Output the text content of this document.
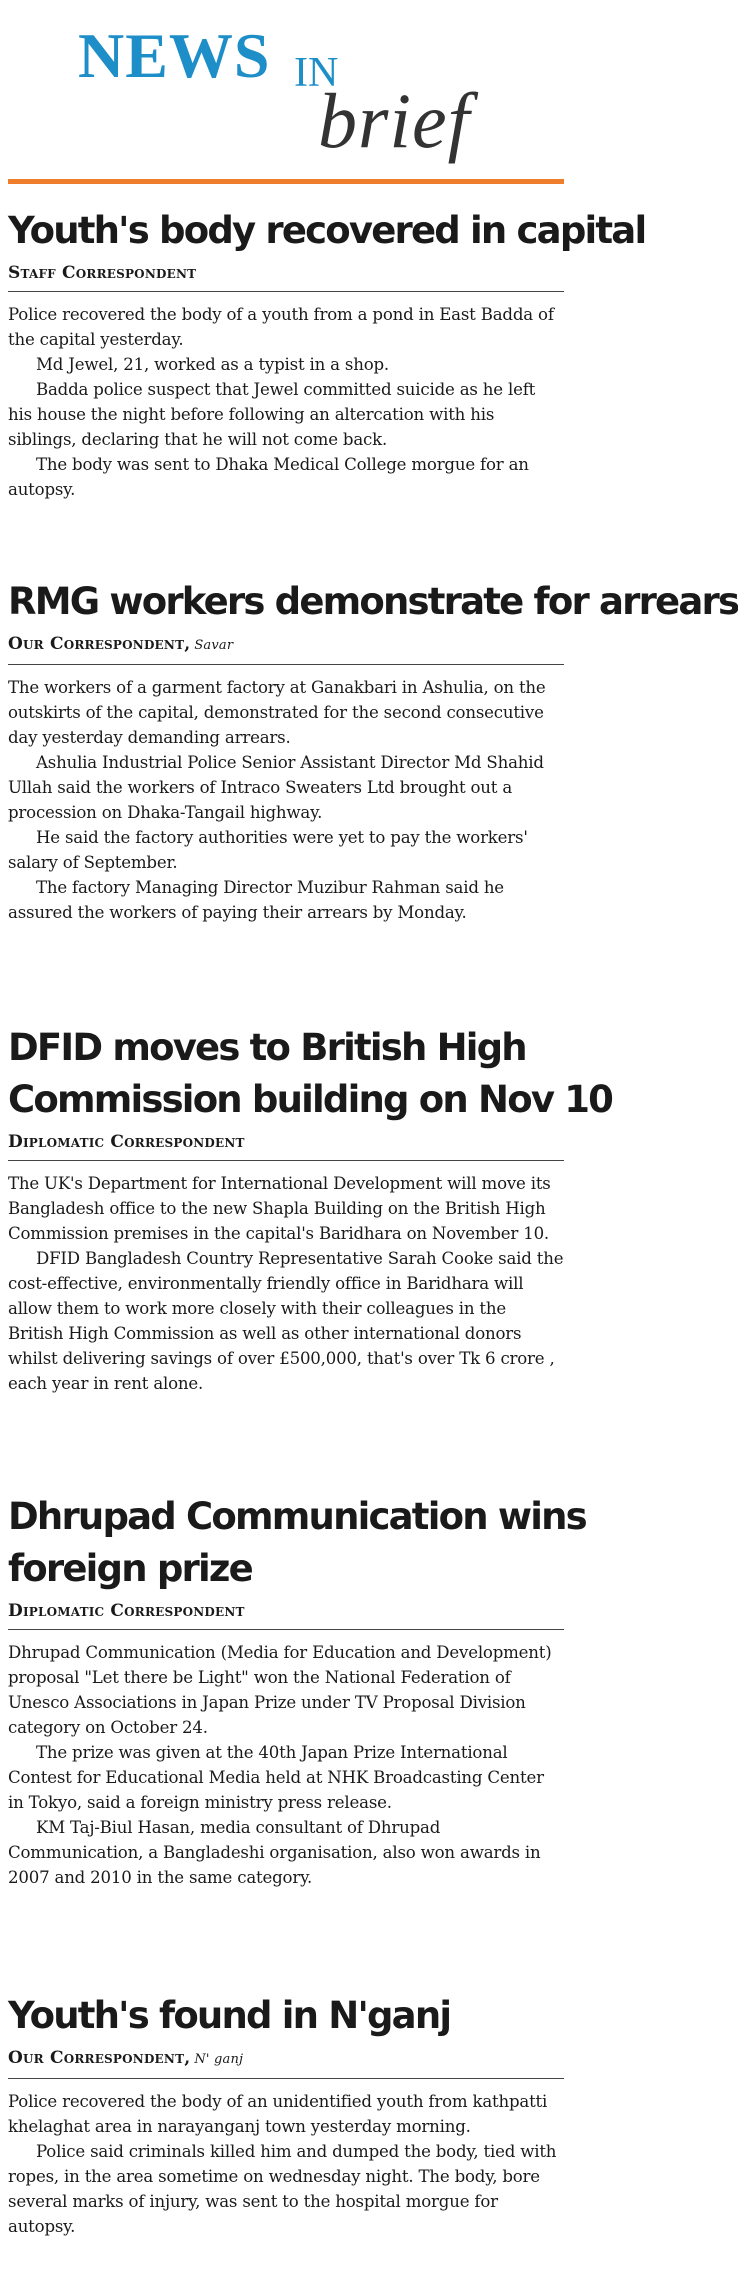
NEWS IN
brief
Youth's body recovered in capital
Staff Correspondent

Police recovered the body of a youth from a pond in East Badda of the capital yesterday.

Md Jewel, 21, worked as a typist in a shop.

Badda police suspect that Jewel committed suicide as he left his house the night before following an altercation with his siblings, declaring that he will not come back.

The body was sent to Dhaka Medical College morgue for an autopsy.

RMG workers demonstrate for arrears
Our Correspondent, Savar

The workers of a garment factory at Ganakbari in Ashulia, on the outskirts of the capital, demonstrated for the second consecutive day yesterday demanding arrears.

Ashulia Industrial Police Senior Assistant Director Md Shahid Ullah said the workers of Intraco Sweaters Ltd brought out a procession on Dhaka-Tangail highway.

He said the factory authorities were yet to pay the workers' salary of September.

The factory Managing Director Muzibur Rahman said he assured the workers of paying their arrears by Monday.

DFID moves to British High
Commission building on Nov 10
Diplomatic Correspondent

The UK's Department for International Development will move its Bangladesh office to the new Shapla Building on the British High Commission premises in the capital's Baridhara on November 10.

DFID Bangladesh Country Representative Sarah Cooke said the cost-effective, environmentally friendly office in Baridhara will allow them to work more closely with their colleagues in the British High Commission as well as other international donors whilst delivering savings of over £500,000, that's over Tk 6 crore , each year in rent alone.

Dhrupad Communication wins
foreign prize
Diplomatic Correspondent

Dhrupad Communication (Media for Education and Development) proposal "Let there be Light" won the National Federation of Unesco Associations in Japan Prize under TV Proposal Division category on October 24.

The prize was given at the 40th Japan Prize International Contest for Educational Media held at NHK Broadcasting Center in Tokyo, said a foreign ministry press release.

KM Taj-Biul Hasan, media consultant of Dhrupad Communication, a Bangladeshi organisation, also won awards in 2007 and 2010 in the same category.

Youth's found in N'ganj
Our Correspondent, N' ganj

Police recovered the body of an unidentified youth from kathpatti khelaghat area in narayanganj town yesterday morning.

Police said criminals killed him and dumped the body, tied with ropes, in the area sometime on wednesday night. The body, bore several marks of injury, was sent to the hospital morgue for autopsy.
